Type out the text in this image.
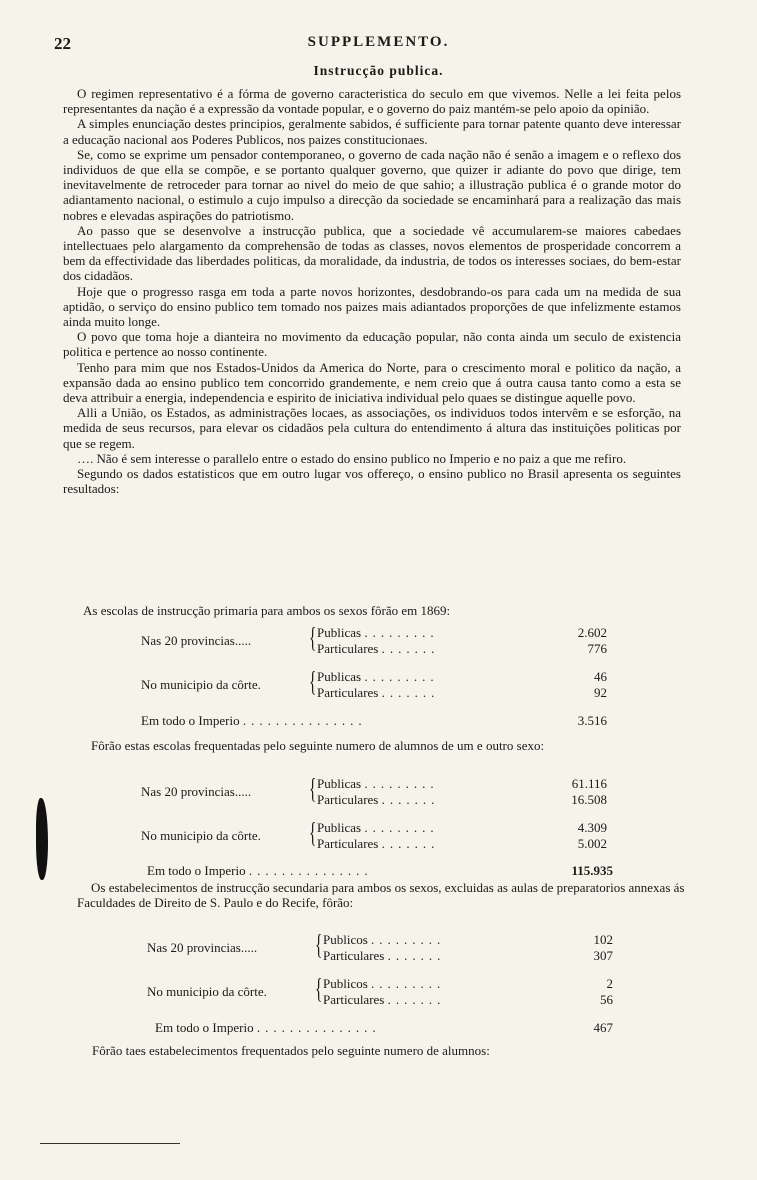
22	SUPPLEMENTO.
Instrucção publica.

O regimen representativo é a fórma de governo caracteristica do seculo em que vivemos. Nelle a lei feita pelos representantes da nação é a expressão da vontade popular, e o governo do paiz mantém-se pelo apoio da opinião.

A simples enunciação destes principios, geralmente sabidos, é sufficiente para tornar patente quanto deve interessar a educação nacional aos Poderes Publicos, nos paizes constitucionaes.

Se, como se exprime um pensador contemporaneo, o governo de cada nação não é senão a imagem e o reflexo dos individuos de que ella se compõe, e se portanto qualquer governo, que quizer ir adiante do povo que dirige, tem inevitavelmente de retroceder para tornar ao nivel do meio de que sahio; a illustração publica é o grande motor do adiantamento nacional, o estimulo a cujo impulso a direcção da sociedade se encaminhará para a realização das mais nobres e elevadas aspirações do patriotismo.

Ao passo que se desenvolve a instrucção publica, que a sociedade vê accumularem-se maiores cabedaes intellectuaes pelo alargamento da comprehensão de todas as classes, novos elementos de prosperidade concorrem a bem da effectividade das liberdades politicas, da moralidade, da industria, de todos os interesses sociaes, do bem-estar dos cidadãos.

Hoje que o progresso rasga em toda a parte novos horizontes, desdobrando-os para cada um na medida de sua aptidão, o serviço do ensino publico tem tomado nos paizes mais adiantados proporções de que infelizmente estamos ainda muito longe.

O povo que toma hoje a dianteira no movimento da educação popular, não conta ainda um seculo de existencia politica e pertence ao nosso continente.

Tenho para mim que nos Estados-Unidos da America do Norte, para o crescimento moral e politico da nação, a expansão dada ao ensino publico tem concorrido grandemente, e nem creio que á outra causa tanto como a esta se deva attribuir a energia, independencia e espirito de iniciativa individual pelo quaes se distingue aquelle povo.

Alli a União, os Estados, as administrações locaes, as associações, os individuos todos intervêm e se esforção, na medida de seus recursos, para elevar os cidadãos pela cultura do entendimento á altura das instituições politicas por que se regem.

…. Não é sem interesse o parallelo entre o estado do ensino publico no Imperio e no paiz a que me refiro.

Segundo os dados estatisticos que em outro lugar vos offereço, o ensino publico no Brasil apresenta os seguintes resultados:

As escolas de instrucção primaria para ambos os sexos fôrão em 1869:
Nas 20 provincias..... { Publicas .........	2.602
Particulares .......	776
No municipio da côrte. { Publicas .........	46
Particulares .......	92
Em todo o Imperio ...............	3.516
Fôrão estas escolas frequentadas pelo seguinte numero de alumnos de um e outro sexo:
Nas 20 provincias..... { Publicas .........	61.116
Particulares .......	16.508
No municipio da côrte. { Publicas .........	4.309
Particulares .......	5.002
Em todo o Imperio ...............	115.935
Os estabelecimentos de instrucção secundaria para ambos os sexos, excluidas as aulas de preparatorios annexas ás Faculdades de Direito de S. Paulo e do Recife, fôrão:
Nas 20 provincias..... { Publicos .........	102
Particulares .......	307
No municipio da côrte. { Publicos .........	2
Particulares .......	56
Em todo o Imperio ...............	467
Fôrão taes estabelecimentos frequentados pelo seguinte numero de alumnos:
